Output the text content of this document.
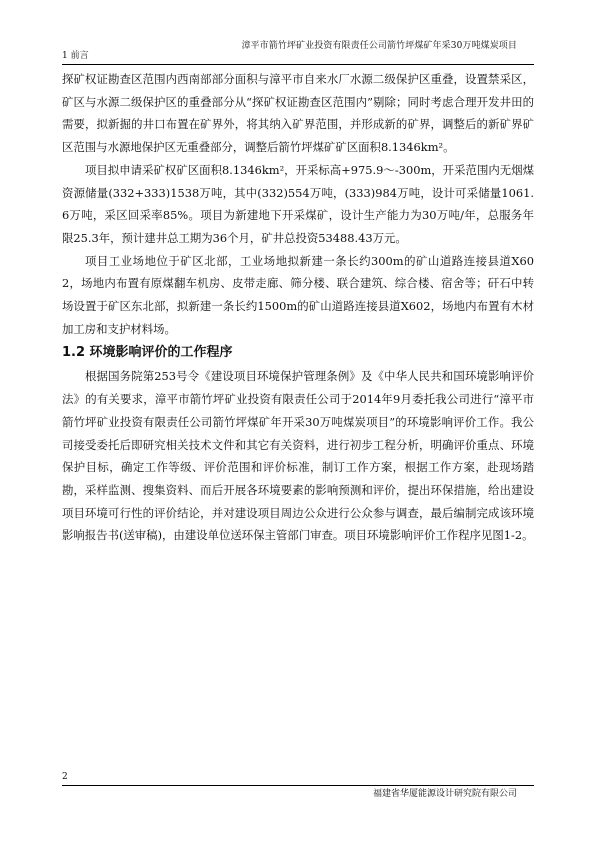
漳平市箭竹坪矿业投资有限责任公司箭竹坪煤矿年采30万吨煤炭项目
1 前言

探矿权证勘查区范围内西南部部分面积与漳平市自来水厂水源二级保护区重叠，设置禁采区，矿区与水源二级保护区的重叠部分从“探矿权证勘查区范围内”剔除；同时考虑合理开发井田的需要，拟新掘的井口布置在矿界外，将其纳入矿界范围，并形成新的矿界，调整后的新矿界矿区范围与水源地保护区无重叠部分，调整后箭竹坪煤矿矿区面积8.1346km²。

项目拟申请采矿权矿区面积8.1346km²，开采标高+975.9～-300m，开采范围内无烟煤资源储量(332+333)1538万吨，其中(332)554万吨，(333)984万吨，设计可采储量1061.6万吨，采区回采率85%。项目为新建地下开采煤矿，设计生产能力为30万吨/年，总服务年限25.3年，预计建井总工期为36个月，矿井总投资53488.43万元。

项目工业场地位于矿区北部，工业场地拟新建一条长约300m的矿山道路连接县道X602，场地内布置有原煤翻车机房、皮带走廊、筛分楼、联合建筑、综合楼、宿舍等；矸石中转场设置于矿区东北部，拟新建一条长约1500m的矿山道路连接县道X602，场地内布置有木材加工房和支护材料场。

1.2 环境影响评价的工作程序

根据国务院第253号令《建设项目环境保护管理条例》及《中华人民共和国环境影响评价法》的有关要求，漳平市箭竹坪矿业投资有限责任公司于2014年9月委托我公司进行“漳平市箭竹坪矿业投资有限责任公司箭竹坪煤矿年开采30万吨煤炭项目”的环境影响评价工作。我公司接受委托后即研究相关技术文件和其它有关资料，进行初步工程分析，明确评价重点、环境保护目标，确定工作等级、评价范围和评价标准，制订工作方案，根据工作方案，赴现场踏勘，采样监测、搜集资料、而后开展各环境要素的影响预测和评价，提出环保措施，给出建设项目环境可行性的评价结论，并对建设项目周边公众进行公众参与调查，最后编制完成该环境影响报告书(送审稿)，由建设单位送环保主管部门审查。项目环境影响评价工作程序见图1-2。

2
福建省华厦能源设计研究院有限公司
